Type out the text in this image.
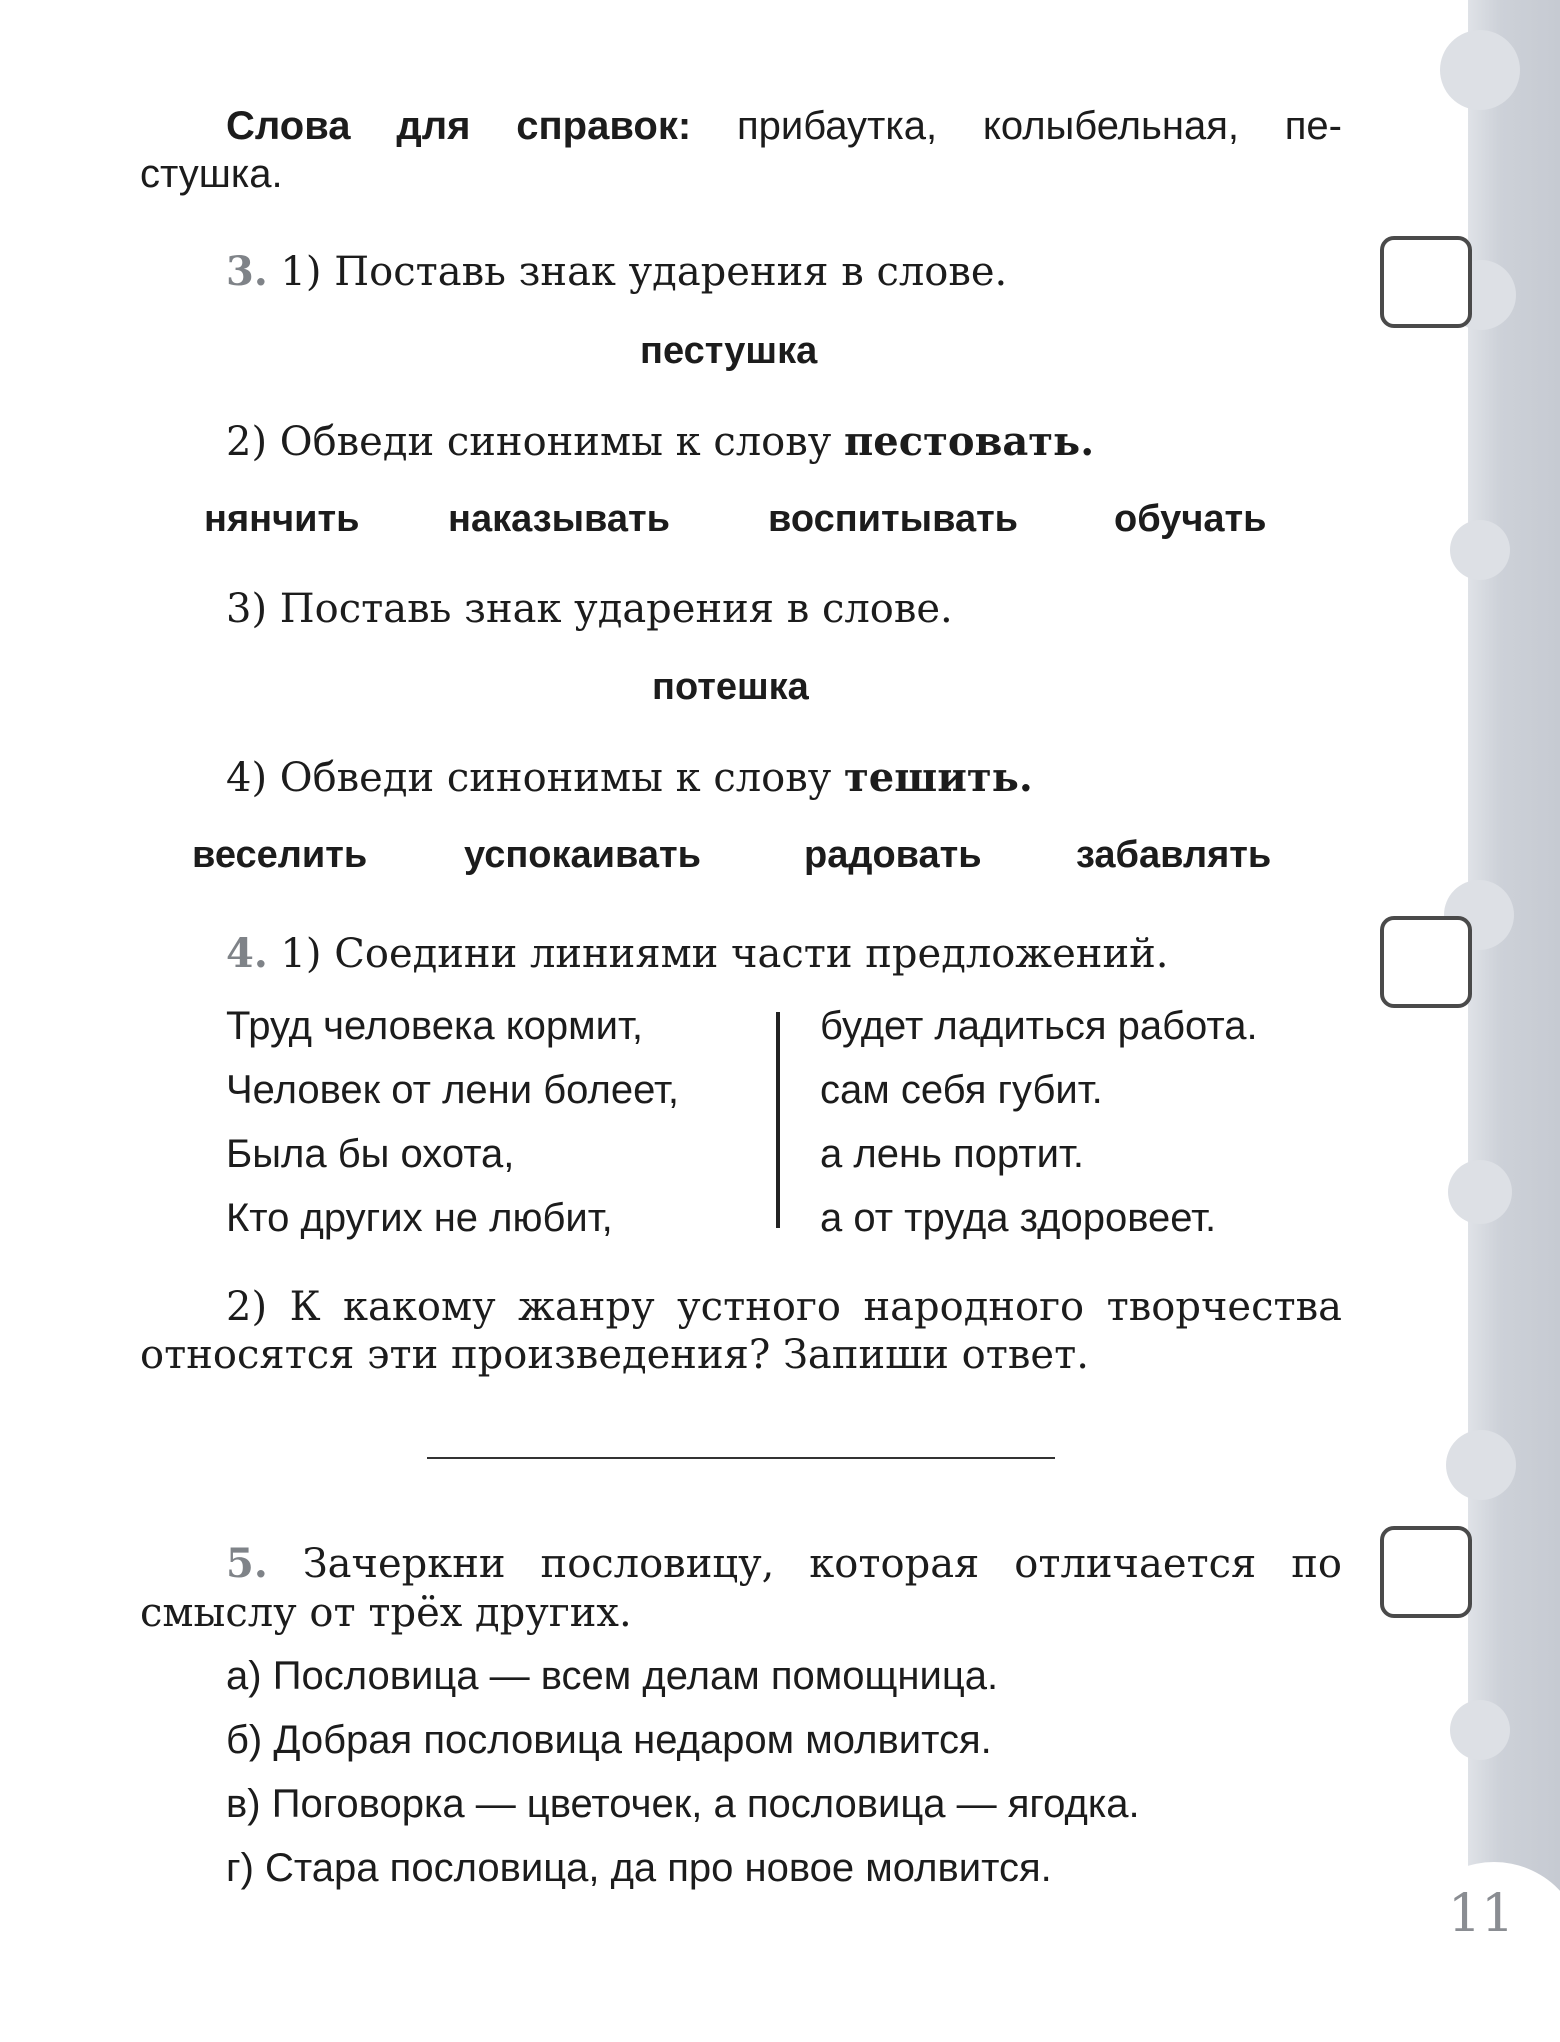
Слова для справок: прибаутка, колыбельная, пе-
стушка.
3. 1) Поставь знак ударения в слове.
пестушка
2) Обведи синонимы к слову пестовать.
нянчить наказывать	воспитывать	обучать
3) Поставь знак ударения в слове.
потешка
4) Обведи синонимы к слову тешить.
веселить	успокаивать	радовать забавлять
4. 1) Соедини линиями части предложений.
Труд человека кормит,
Человек от лени болеет,
Была бы охота,
Кто других не любит,
будет ладиться работа.
сам себя губит.
а лень портит.
а от труда здоровеет.
2) К какому жанру устного народного творчества
относятся эти произведения? Запиши ответ.
5. Зачеркни пословицу, которая отличается по
смыслу от трёх других.
а) Пословица — всем делам помощница.
б) Добрая пословица недаром молвится.
в) Поговорка — цветочек, а пословица — ягодка.
г) Стара пословица, да про новое молвится.
11
